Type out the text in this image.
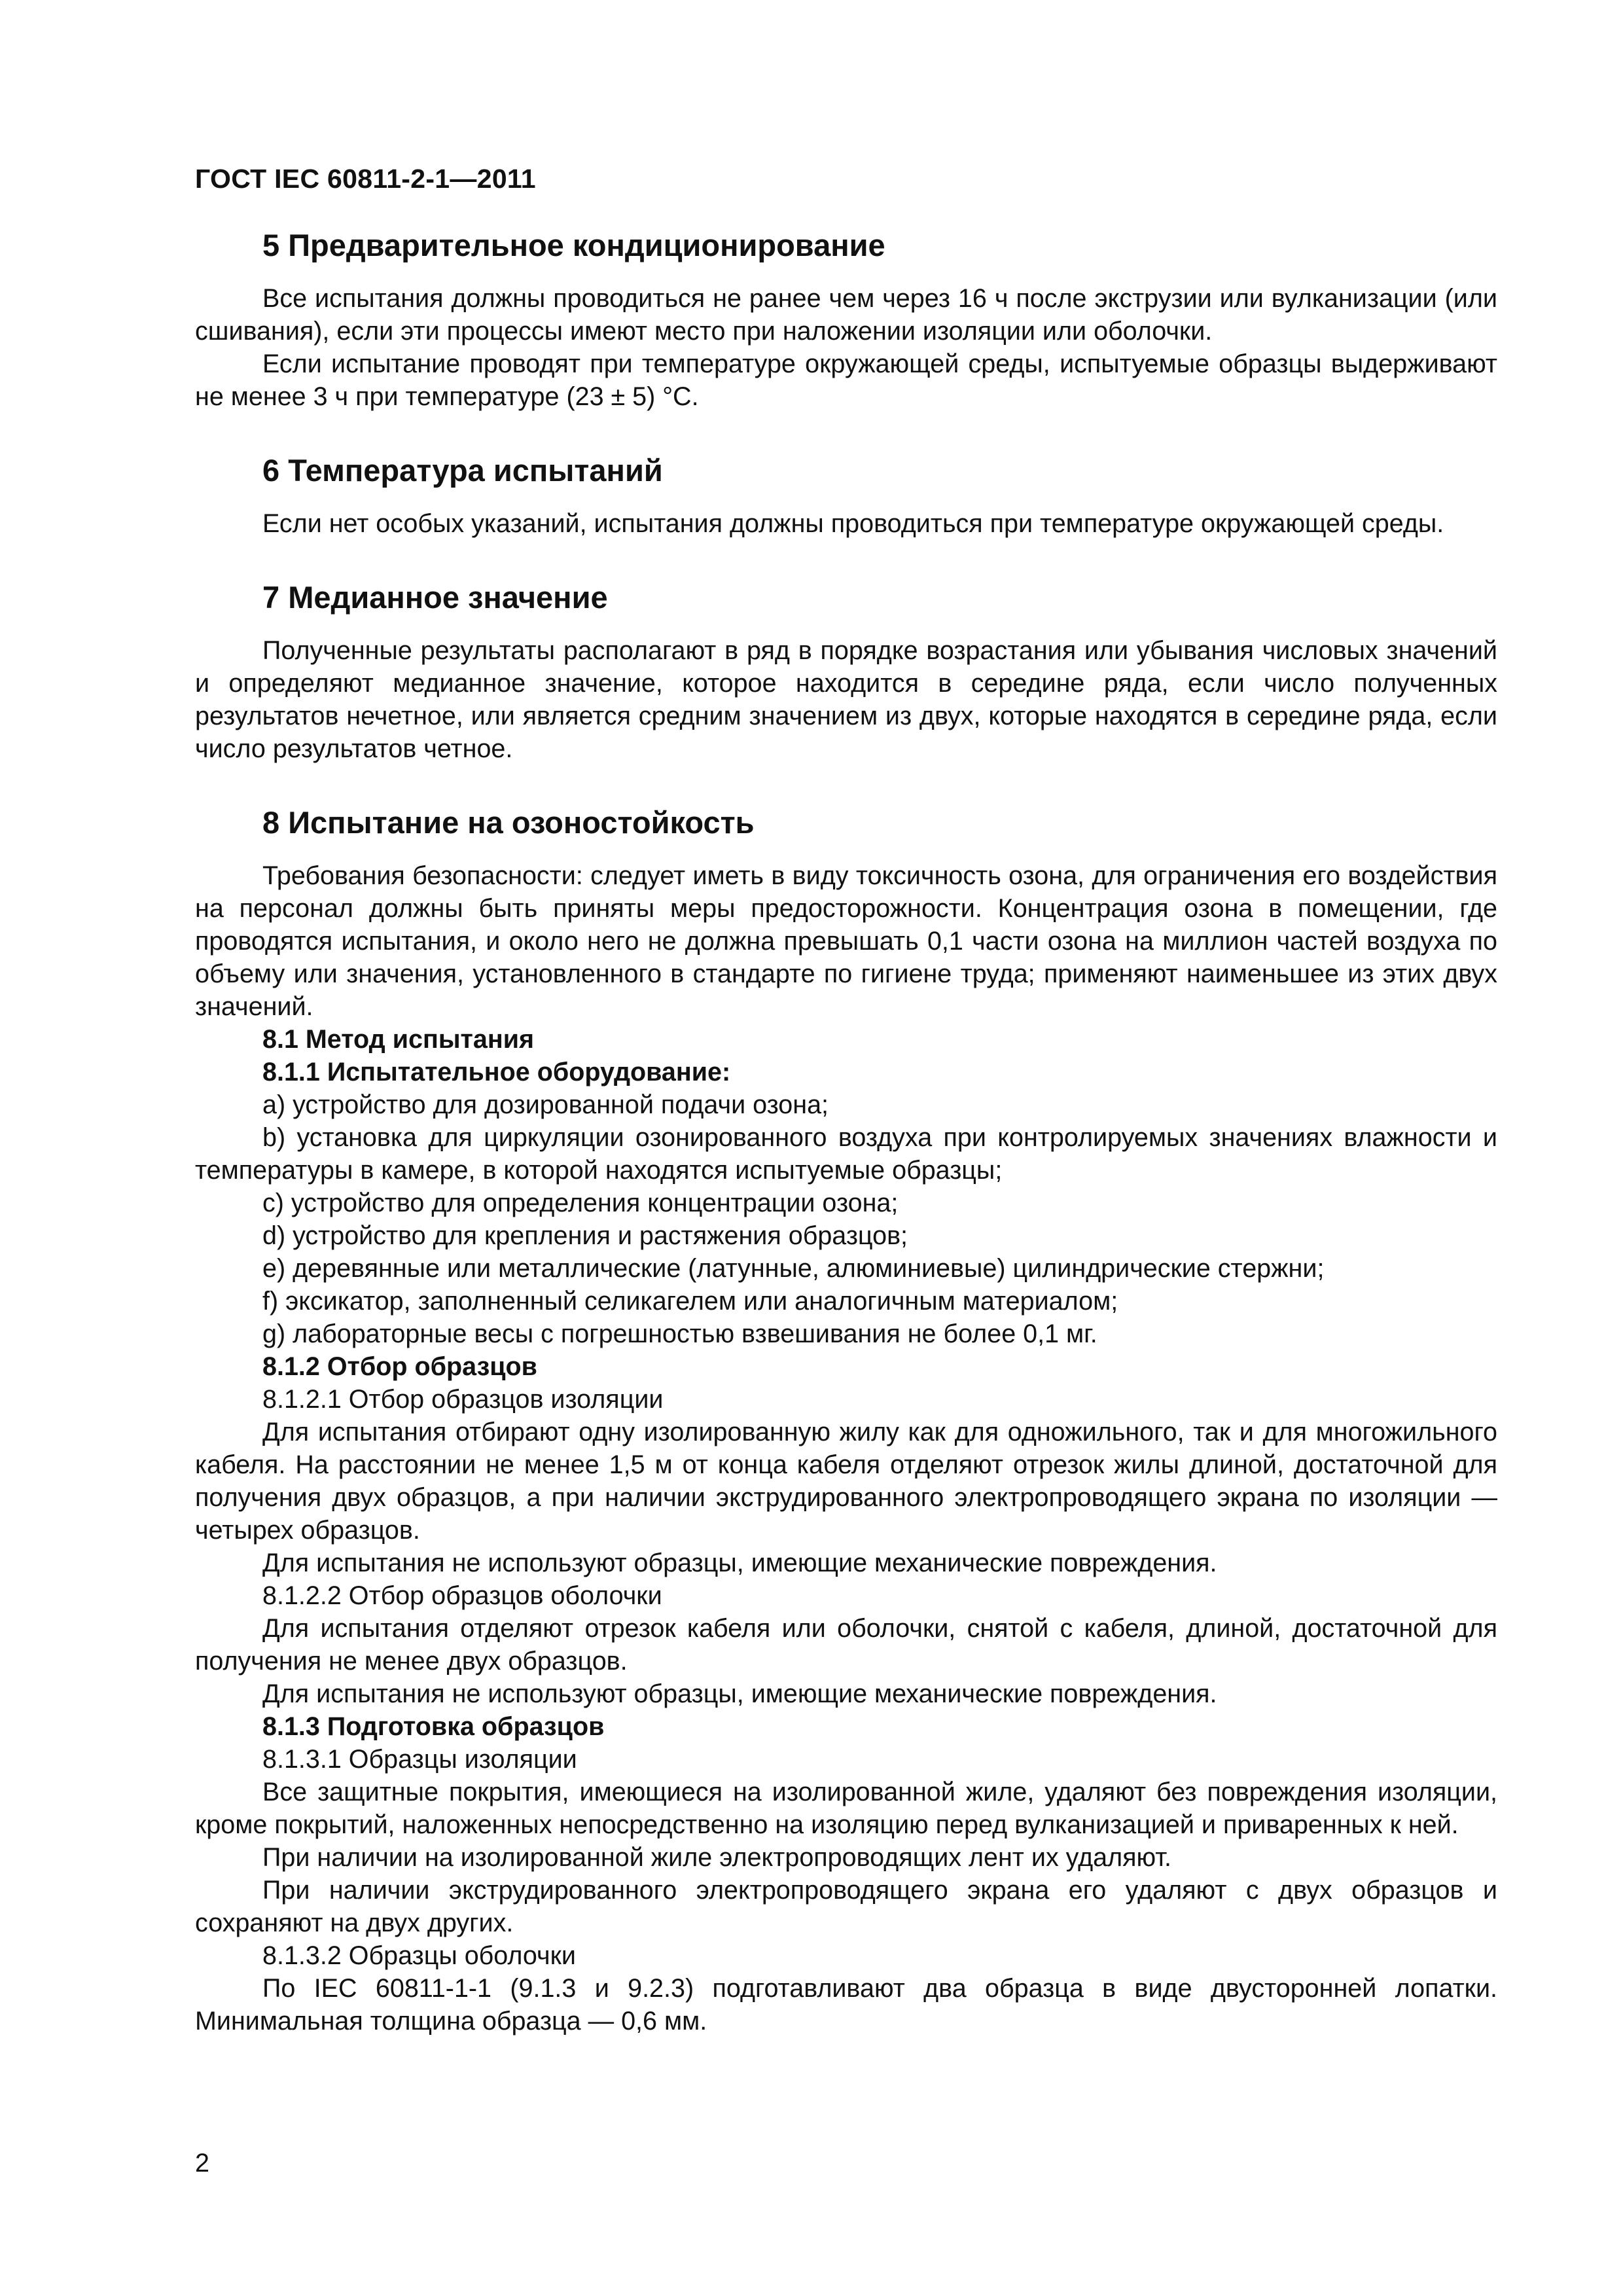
ГОСТ IEC 60811-2-1—2011
5 Предварительное кондиционирование

Все испытания должны проводиться не ранее чем через 16 ч после экструзии или вулканизации (или сшивания), если эти процессы имеют место при наложении изоляции или оболочки.

Если испытание проводят при температуре окружающей среды, испытуемые образцы выдерживают не менее 3 ч при температуре (23 ± 5) °С.

6 Температура испытаний

Если нет особых указаний, испытания должны проводиться при температуре окружающей среды.

7 Медианное значение

Полученные результаты располагают в ряд в порядке возрастания или убывания числовых значений и определяют медианное значение, которое находится в середине ряда, если число полученных результатов нечетное, или является средним значением из двух, которые находятся в середине ряда, если число результатов четное.

8 Испытание на озоностойкость

Требования безопасности: следует иметь в виду токсичность озона, для ограничения его воздействия на персонал должны быть приняты меры предосторожности. Концентрация озона в помещении, где проводятся испытания, и около него не должна превышать 0,1 части озона на миллион частей воздуха по объему или значения, установленного в стандарте по гигиене труда; применяют наименьшее из этих двух значений.

8.1 Метод испытания

8.1.1 Испытательное оборудование:

a) устройство для дозированной подачи озона;

b) установка для циркуляции озонированного воздуха при контролируемых значениях влажности и температуры в камере, в которой находятся испытуемые образцы;

c) устройство для определения концентрации озона;

d) устройство для крепления и растяжения образцов;

e) деревянные или металлические (латунные, алюминиевые) цилиндрические стержни;

f) эксикатор, заполненный селикагелем или аналогичным материалом;

g) лабораторные весы с погрешностью взвешивания не более 0,1 мг.

8.1.2 Отбор образцов

8.1.2.1 Отбор образцов изоляции

Для испытания отбирают одну изолированную жилу как для одножильного, так и для многожильного кабеля. На расстоянии не менее 1,5 м от конца кабеля отделяют отрезок жилы длиной, достаточной для получения двух образцов, а при наличии экструдированного электропроводящего экрана по изоляции — четырех образцов.

Для испытания не используют образцы, имеющие механические повреждения.

8.1.2.2 Отбор образцов оболочки

Для испытания отделяют отрезок кабеля или оболочки, снятой с кабеля, длиной, достаточной для получения не менее двух образцов.

Для испытания не используют образцы, имеющие механические повреждения.

8.1.3 Подготовка образцов

8.1.3.1 Образцы изоляции

Все защитные покрытия, имеющиеся на изолированной жиле, удаляют без повреждения изоляции, кроме покрытий, наложенных непосредственно на изоляцию перед вулканизацией и приваренных к ней.

При наличии на изолированной жиле электропроводящих лент их удаляют.

При наличии экструдированного электропроводящего экрана его удаляют с двух образцов и сохраняют на двух других.

8.1.3.2 Образцы оболочки

По IEC 60811-1-1 (9.1.3 и 9.2.3) подготавливают два образца в виде двусторонней лопатки. Минимальная толщина образца — 0,6 мм.

2
